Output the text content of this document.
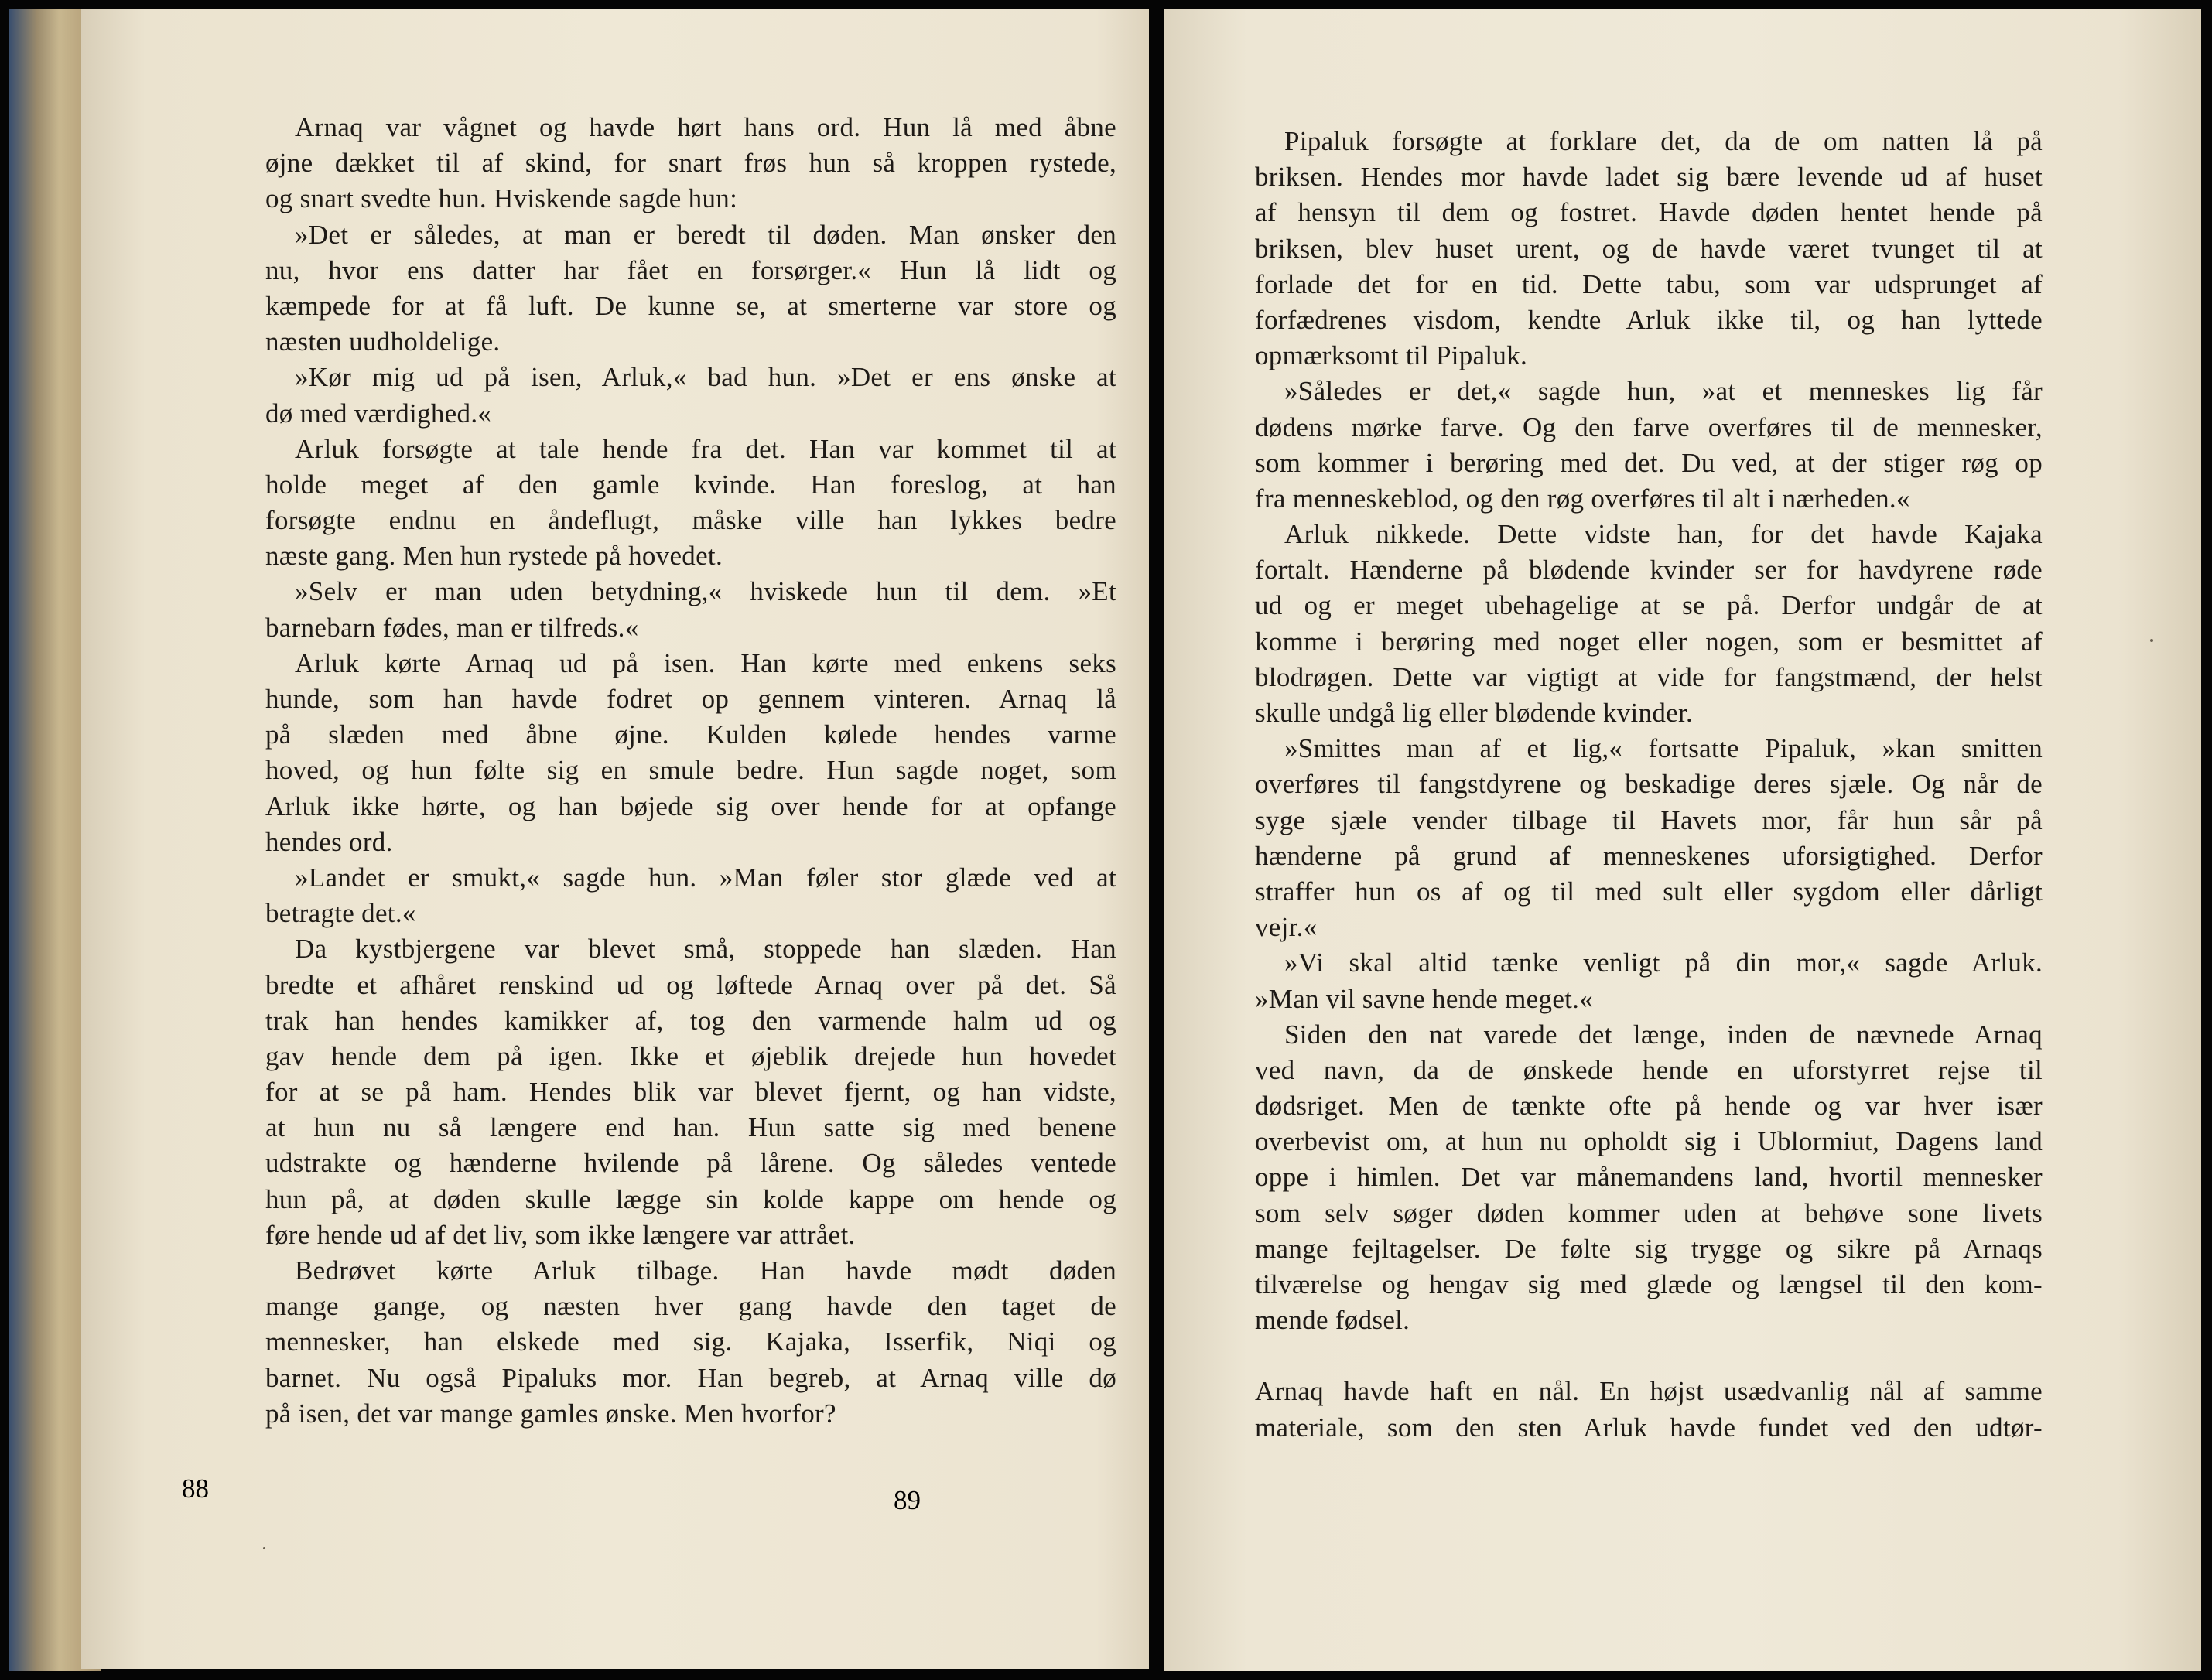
Arnaq var vågnet og havde hørt hans ord. Hun lå med åbne
øjne dækket til af skind, for snart frøs hun så kroppen rystede,
og snart svedte hun. Hviskende sagde hun:
»Det er således, at man er beredt til døden. Man ønsker den
nu, hvor ens datter har fået en forsørger.« Hun lå lidt og
kæmpede for at få luft. De kunne se, at smerterne var store og
næsten uudholdelige.
»Kør mig ud på isen, Arluk,« bad hun. »Det er ens ønske at
dø med værdighed.«
Arluk forsøgte at tale hende fra det. Han var kommet til at
holde meget af den gamle kvinde. Han foreslog, at han
forsøgte endnu en åndeflugt, måske ville han lykkes bedre
næste gang. Men hun rystede på hovedet.
»Selv er man uden betydning,« hviskede hun til dem. »Et
barnebarn fødes, man er tilfreds.«
Arluk kørte Arnaq ud på isen. Han kørte med enkens seks
hunde, som han havde fodret op gennem vinteren. Arnaq lå
på slæden med åbne øjne. Kulden kølede hendes varme
hoved, og hun følte sig en smule bedre. Hun sagde noget, som
Arluk ikke hørte, og han bøjede sig over hende for at opfange
hendes ord.
»Landet er smukt,« sagde hun. »Man føler stor glæde ved at
betragte det.«
Da kystbjergene var blevet små, stoppede han slæden. Han
bredte et afhåret renskind ud og løftede Arnaq over på det. Så
trak han hendes kamikker af, tog den varmende halm ud og
gav hende dem på igen. Ikke et øjeblik drejede hun hovedet
for at se på ham. Hendes blik var blevet fjernt, og han vidste,
at hun nu så længere end han. Hun satte sig med benene
udstrakte og hænderne hvilende på lårene. Og således ventede
hun på, at døden skulle lægge sin kolde kappe om hende og
føre hende ud af det liv, som ikke længere var attrået.
Bedrøvet kørte Arluk tilbage. Han havde mødt døden
mange gange, og næsten hver gang havde den taget de
mennesker, han elskede med sig. Kajaka, Isserfik, Niqi og
barnet. Nu også Pipaluks mor. Han begreb, at Arnaq ville dø
på isen, det var mange gamles ønske. Men hvorfor?
88
Pipaluk forsøgte at forklare det, da de om natten lå på
briksen. Hendes mor havde ladet sig bære levende ud af huset
af hensyn til dem og fostret. Havde døden hentet hende på
briksen, blev huset urent, og de havde været tvunget til at
forlade det for en tid. Dette tabu, som var udsprunget af
forfædrenes visdom, kendte Arluk ikke til, og han lyttede
opmærksomt til Pipaluk.
»Således er det,« sagde hun, »at et menneskes lig får
dødens mørke farve. Og den farve overføres til de mennesker,
som kommer i berøring med det. Du ved, at der stiger røg op
fra menneskeblod, og den røg overføres til alt i nærheden.«
Arluk nikkede. Dette vidste han, for det havde Kajaka
fortalt. Hænderne på blødende kvinder ser for havdyrene røde
ud og er meget ubehagelige at se på. Derfor undgår de at
komme i berøring med noget eller nogen, som er besmittet af
blodrøgen. Dette var vigtigt at vide for fangstmænd, der helst
skulle undgå lig eller blødende kvinder.
»Smittes man af et lig,« fortsatte Pipaluk, »kan smitten
overføres til fangstdyrene og beskadige deres sjæle. Og når de
syge sjæle vender tilbage til Havets mor, får hun sår på
hænderne på grund af menneskenes uforsigtighed. Derfor
straffer hun os af og til med sult eller sygdom eller dårligt
vejr.«
»Vi skal altid tænke venligt på din mor,« sagde Arluk.
»Man vil savne hende meget.«
Siden den nat varede det længe, inden de nævnede Arnaq
ved navn, da de ønskede hende en uforstyrret rejse til
dødsriget. Men de tænkte ofte på hende og var hver især
overbevist om, at hun nu opholdt sig i Ublormiut, Dagens land
oppe i himlen. Det var månemandens land, hvortil mennesker
som selv søger døden kommer uden at behøve sone livets
mange fejltagelser. De følte sig trygge og sikre på Arnaqs
tilværelse og hengav sig med glæde og længsel til den kom-
mende fødsel.
Arnaq havde haft en nål. En højst usædvanlig nål af samme
materiale, som den sten Arluk havde fundet ved den udtør-
89
